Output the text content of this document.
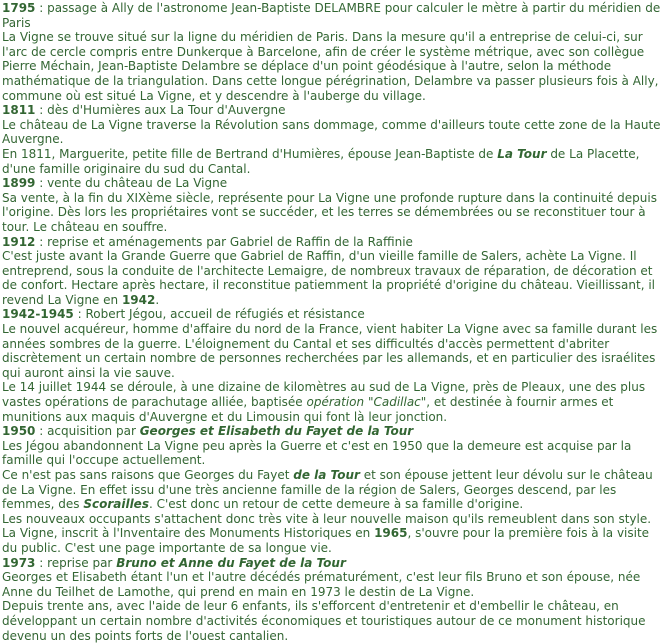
1795 : passage à Ally de l'astronome Jean-Baptiste DELAMBRE pour calculer le mètre à partir du méridien de Paris
La Vigne se trouve situé sur la ligne du méridien de Paris. Dans la mesure qu'il a entreprise de celui-ci, sur l'arc de cercle compris entre Dunkerque à Barcelone, afin de créer le système métrique, avec son collègue Pierre Méchain, Jean-Baptiste Delambre se déplace d'un point géodésique à l'autre, selon la méthode mathématique de la triangulation. Dans cette longue pérégrination, Delambre va passer plusieurs fois à Ally, commune où est situé La Vigne, et y descendre à l'auberge du village.
1811 : dès d'Humières aux La Tour d'Auvergne
Le château de La Vigne traverse la Révolution sans dommage, comme d'ailleurs toute cette zone de la Haute Auvergne.
En 1811, Marguerite, petite fille de Bertrand d'Humières, épouse Jean-Baptiste de La Tour de La Placette, d'une famille originaire du sud du Cantal.
1899 : vente du château de La Vigne
Sa vente, à la fin du XIXème siècle, représente pour La Vigne une profonde rupture dans la continuité depuis l'origine. Dès lors les propriétaires vont se succéder, et les terres se démembrées ou se reconstituer tour à tour. Le château en souffre.
1912 : reprise et aménagements par Gabriel de Raffin de la Raffinie
C'est juste avant la Grande Guerre que Gabriel de Raffin, d'un vieille famille de Salers, achète La Vigne. Il entreprend, sous la conduite de l'architecte Lemaigre, de nombreux travaux de réparation, de décoration et de confort. Hectare après hectare, il reconstitue patiemment la propriété d'origine du château. Vieillissant, il revend La Vigne en 1942.
1942-1945 : Robert Jégou, accueil de réfugiés et résistance
Le nouvel acquéreur, homme d'affaire du nord de la France, vient habiter La Vigne avec sa famille durant les années sombres de la guerre. L'éloignement du Cantal et ses difficultés d'accès permettent d'abriter discrètement un certain nombre de personnes recherchées par les allemands, et en particulier des israélites qui auront ainsi la vie sauve.
Le 14 juillet 1944 se déroule, à une dizaine de kilomètres au sud de La Vigne, près de Pleaux, une des plus vastes opérations de parachutage alliée, baptisée opération "Cadillac", et destinée à fournir armes et munitions aux maquis d'Auvergne et du Limousin qui font là leur jonction.
1950 : acquisition par Georges et Elisabeth du Fayet de la Tour
Les Jégou abandonnent La Vigne peu après la Guerre et c'est en 1950 que la demeure est acquise par la famille qui l'occupe actuellement.
Ce n'est pas sans raisons que Georges du Fayet de la Tour et son épouse jettent leur dévolu sur le château de La Vigne. En effet issu d'une très ancienne famille de la région de Salers, Georges descend, par les femmes, des Scorailles. C'est donc un retour de cette demeure à sa famille d'origine.
Les nouveaux occupants s'attachent donc très vite à leur nouvelle maison qu'ils remeublent dans son style.
La Vigne, inscrit à l'Inventaire des Monuments Historiques en 1965, s'ouvre pour la première fois à la visite du public. C'est une page importante de sa longue vie.
1973 : reprise par Bruno et Anne du Fayet de la Tour
Georges et Elisabeth étant l'un et l'autre décédés prématurément, c'est leur fils Bruno et son épouse, née Anne du Teilhet de Lamothe, qui prend en main en 1973 le destin de La Vigne.
Depuis trente ans, avec l'aide de leur 6 enfants, ils s'efforcent d'entretenir et d'embellir le château, en développant un certain nombre d'activités économiques et touristiques autour de ce monument historique devenu un des points forts de l'ouest cantalien.
